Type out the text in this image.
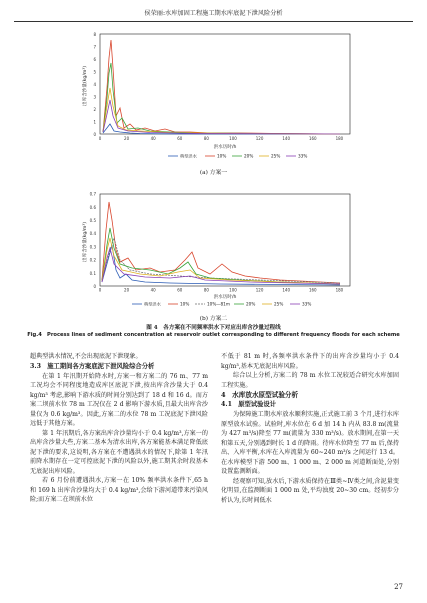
侯荣丽:水库加固工程施工期水库底泥下泄风险分析
出库含沙量(kg/m³)
洪水历时/h
0
1
2
3
4
5
6
7
8
0	20	40	60	80	100	120	140	160	180
典型洪水	10%	20%	25%	33%
(a) 方案一
出库含沙量(kg/m³)
洪水历时/h
0
0.1
0.2
0.3
0.4
0.5
0.6
0.7
0	20	40	60	80	100	120	140	160	180
典型洪水	10%	10%—81m	20%	25%	33%
(b) 方案二
图 4　各方案在不同频率洪水下对应出库含沙量过程线
Fig.4　Process lines of sediment concentration at reservoir outlet corresponding to different frequency floods for each scheme

超典型洪水情况,不会出现底泥下泄现象。

3.3　施工期间各方案底泥下泄风险综合分析

在第 1 年汛期开始降水时,方案一和方案二的 76 m、77 m 工况均会不同程度地造成库区底泥下泄,按出库含沙量大于 0.4 kg/m³ 考虑,影响下游水质的时间分别达到了 18 d 和 16 d。而方案二坝前水位 78 m 工况仅在 2 d 影响下游水质,且最大出库含沙量仅为 0.6 kg/m³。因此,方案二的水位 78 m 工况底泥下泄风险远低于其他方案。

第 1 年汛期后,各方案出库含沙量均小于 0.4 kg/m³,方案一的出库含沙量大些,方案二基本为清水出库,各方案能基本满足降低底泥下泄的要求,这说明,各方案在不遭遇洪水的情况下,除第 1 年汛前降水期存在一定可控底泥下泄的风险以外,施工期其余时段基本无底泥出库风险。

若 6 月份前遭遇洪水,方案一在 10% 频率洪水条件下,65 h 和 169 h 出库含沙量均大于 0.4 kg/m³,会给下游河道带来污染风险;而方案二在坝前水位

不低于 81 m 时,各频率洪水条件下的出库含沙量均小于 0.4 kg/m³,基本无底泥出库风险。

综合以上分析,方案二的 78 m 水位工况较适合研究水库加固工程实施。

4　水库放水原型试验分析
4.1　原型试验设计

为保障施工期水库放水顺利实施,正式施工前 3 个月,进行水库原型放水试验。试验时,库水位在 6 d 加 14 h 内从 83.8 m(流量为 427 m³/s)降至 77 m(流量为 330 m³/s)。放水期间,在第一天和第五天,分别遇到时长 1 d 的降雨。待库水位降至 77 m 后,保持出、入库平衡,水库在入库流量为 60~240 m³/s 之间运行 13 d。在水库模型下游 500 m、1 000 m、2 000 m 河道断面处,分别设置监测断面。

经观察可知,放水后,下游水质保持在Ⅲ类~Ⅳ类之间,含泥量变化明显,在监测断面 1 000 m 处,平均浊度 20~30 cm。经初步分析认为,长时间低水

27
